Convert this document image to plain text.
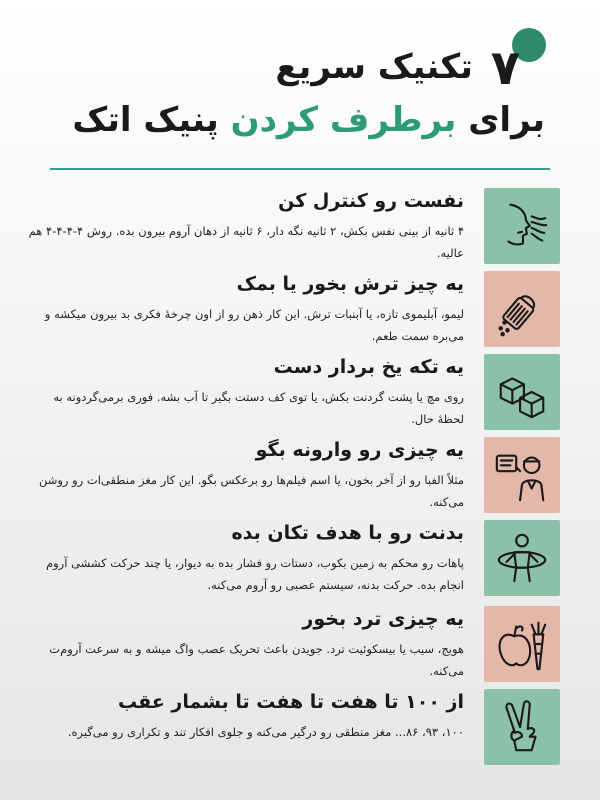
۷ تکنیک سریع
برای برطرف کردن پنیک اتک
نفست رو کنترل کن
۴ ثانیه از بینی نفس بکش، ۲ ثانیه نگه دار، ۶ ثانیه از دهان آروم بیرون بده. روش ۴-۴-۴-۴ هم عالیه.
یه چیز ترش بخور یا بمک
لیمو، آبلیموی تازه، یا آبنبات ترش. این کار ذهن رو از اون چرخهٔ فکری بد بیرون میکشه و می‌بره سمت طعم.
یه تکه یخ بردار دست
روی مچ یا پشت گردنت بکش، یا توی کف دستت بگیر تا آب بشه. فوری برمی‌گردونه به لحظهٔ حال.
یه چیزی رو وارونه بگو
مثلاً الفبا رو از آخر بخون، یا اسم فیلم‌ها رو برعکس بگو. این کار مغز منطقی‌ات رو روشن می‌کنه.
بدنت رو با هدف تکان بده
پاهات رو محکم به زمین بکوب، دستات رو فشار بده به دیوار، یا چند حرکت کششی آروم انجام بده. حرکت بدنه، سیستم عصبی رو آروم می‌کنه.
یه چیزی ترد بخور
هویج، سیب یا بیسکوئیت ترد. جویدن باعث تحریک عصب واگ میشه و به سرعت آروم‌ت می‌کنه.
از ۱۰۰ تا هفت تا هفت تا بشمار عقب
۱۰۰، ۹۳، ۸۶... مغز منطقی رو درگیر می‌کنه و جلوی افکار تند و تکراری رو می‌گیره.
